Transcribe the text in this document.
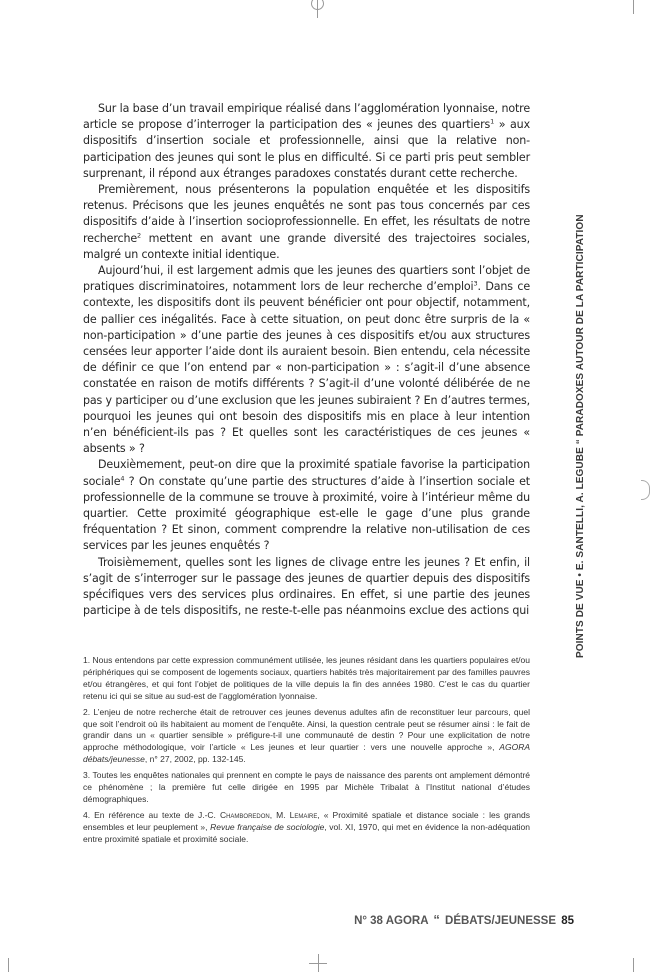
Sur la base d’un travail empirique réalisé dans l’agglomération lyonnaise, notre article se propose d’interroger la participation des « jeunes des quartiers$^1$ » aux dispositifs d’insertion sociale et professionnelle, ainsi que la relative non-participation des jeunes qui sont le plus en difficulté. Si ce parti pris peut sembler surprenant, il répond aux étranges paradoxes constatés durant cette recherche.

Premièrement, nous présenterons la population enquêtée et les dispositifs retenus. Précisons que les jeunes enquêtés ne sont pas tous concernés par ces dispositifs d’aide à l’insertion socioprofessionnelle. En effet, les résultats de notre recherche$^2$ mettent en avant une grande diversité des trajectoires sociales, malgré un contexte initial identique.

Aujourd’hui, il est largement admis que les jeunes des quartiers sont l’objet de pratiques discriminatoires, notamment lors de leur recherche d’emploi$^3$. Dans ce contexte, les dispositifs dont ils peuvent bénéficier ont pour objectif, notamment, de pallier ces inégalités. Face à cette situation, on peut donc être surpris de la « non-participation » d’une partie des jeunes à ces dispositifs et/ou aux structures censées leur apporter l’aide dont ils auraient besoin. Bien entendu, cela nécessite de définir ce que l’on entend par « non-participation » : s’agit-il d’une absence constatée en raison de motifs différents ? S’agit-il d’une volonté délibérée de ne pas y participer ou d’une exclusion que les jeunes subiraient ? En d’autres termes, pourquoi les jeunes qui ont besoin des dispositifs mis en place à leur intention n’en bénéficient-ils pas ? Et quelles sont les caractéristiques de ces jeunes « absents » ?

Deuxièmement, peut-on dire que la proximité spatiale favorise la participation sociale$^4$ ? On constate qu’une partie des structures d’aide à l’insertion sociale et professionnelle de la commune se trouve à proximité, voire à l’intérieur même du quartier. Cette proximité géographique est-elle le gage d’une plus grande fréquentation ? Et sinon, comment comprendre la relative non-utilisation de ces services par les jeunes enquêtés ?

Troisièmement, quelles sont les lignes de clivage entre les jeunes ? Et enfin, il s’agit de s’interroger sur le passage des jeunes de quartier depuis des dispositifs spécifiques vers des services plus ordinaires. En effet, si une partie des jeunes participe à de tels dispositifs, ne reste-t-elle pas néanmoins exclue des actions qui

1. Nous entendons par cette expression communément utilisée, les jeunes résidant dans les quartiers populaires et/ou périphériques qui se composent de logements sociaux, quartiers habités très majoritairement par des familles pauvres et/ou étrangères, et qui font l’objet de politiques de la ville depuis la fin des années 1980. C’est le cas du quartier retenu ici qui se situe au sud-est de l’agglomération lyonnaise.

2. L’enjeu de notre recherche était de retrouver ces jeunes devenus adultes afin de reconstituer leur parcours, quel que soit l’endroit où ils habitaient au moment de l’enquête. Ainsi, la question centrale peut se résumer ainsi : le fait de grandir dans un « quartier sensible » préfigure-t-il une communauté de destin ? Pour une explicitation de notre approche méthodologique, voir l’article « Les jeunes et leur quartier : vers une nouvelle approche », AGORA débats/jeunesse, n° 27, 2002, pp. 132-145.

3. Toutes les enquêtes nationales qui prennent en compte le pays de naissance des parents ont amplement démontré ce phénomène ; la première fut celle dirigée en 1995 par Michèle Tribalat à l’Institut national d’études démographiques.

4. En référence au texte de J.-C. Chamboredon, M. Lemaire, « Proximité spatiale et distance sociale : les grands ensembles et leur peuplement », Revue française de sociologie, vol. XI, 1970, qui met en évidence la non-adéquation entre proximité spatiale et proximité sociale.

POINTS DE VUE • E. SANTELLI, A. LEGUBE “ PARADOXES AUTOUR DE LA PARTICIPATION
N° 38 AGORA “ DÉBATS/JEUNESSE 85
